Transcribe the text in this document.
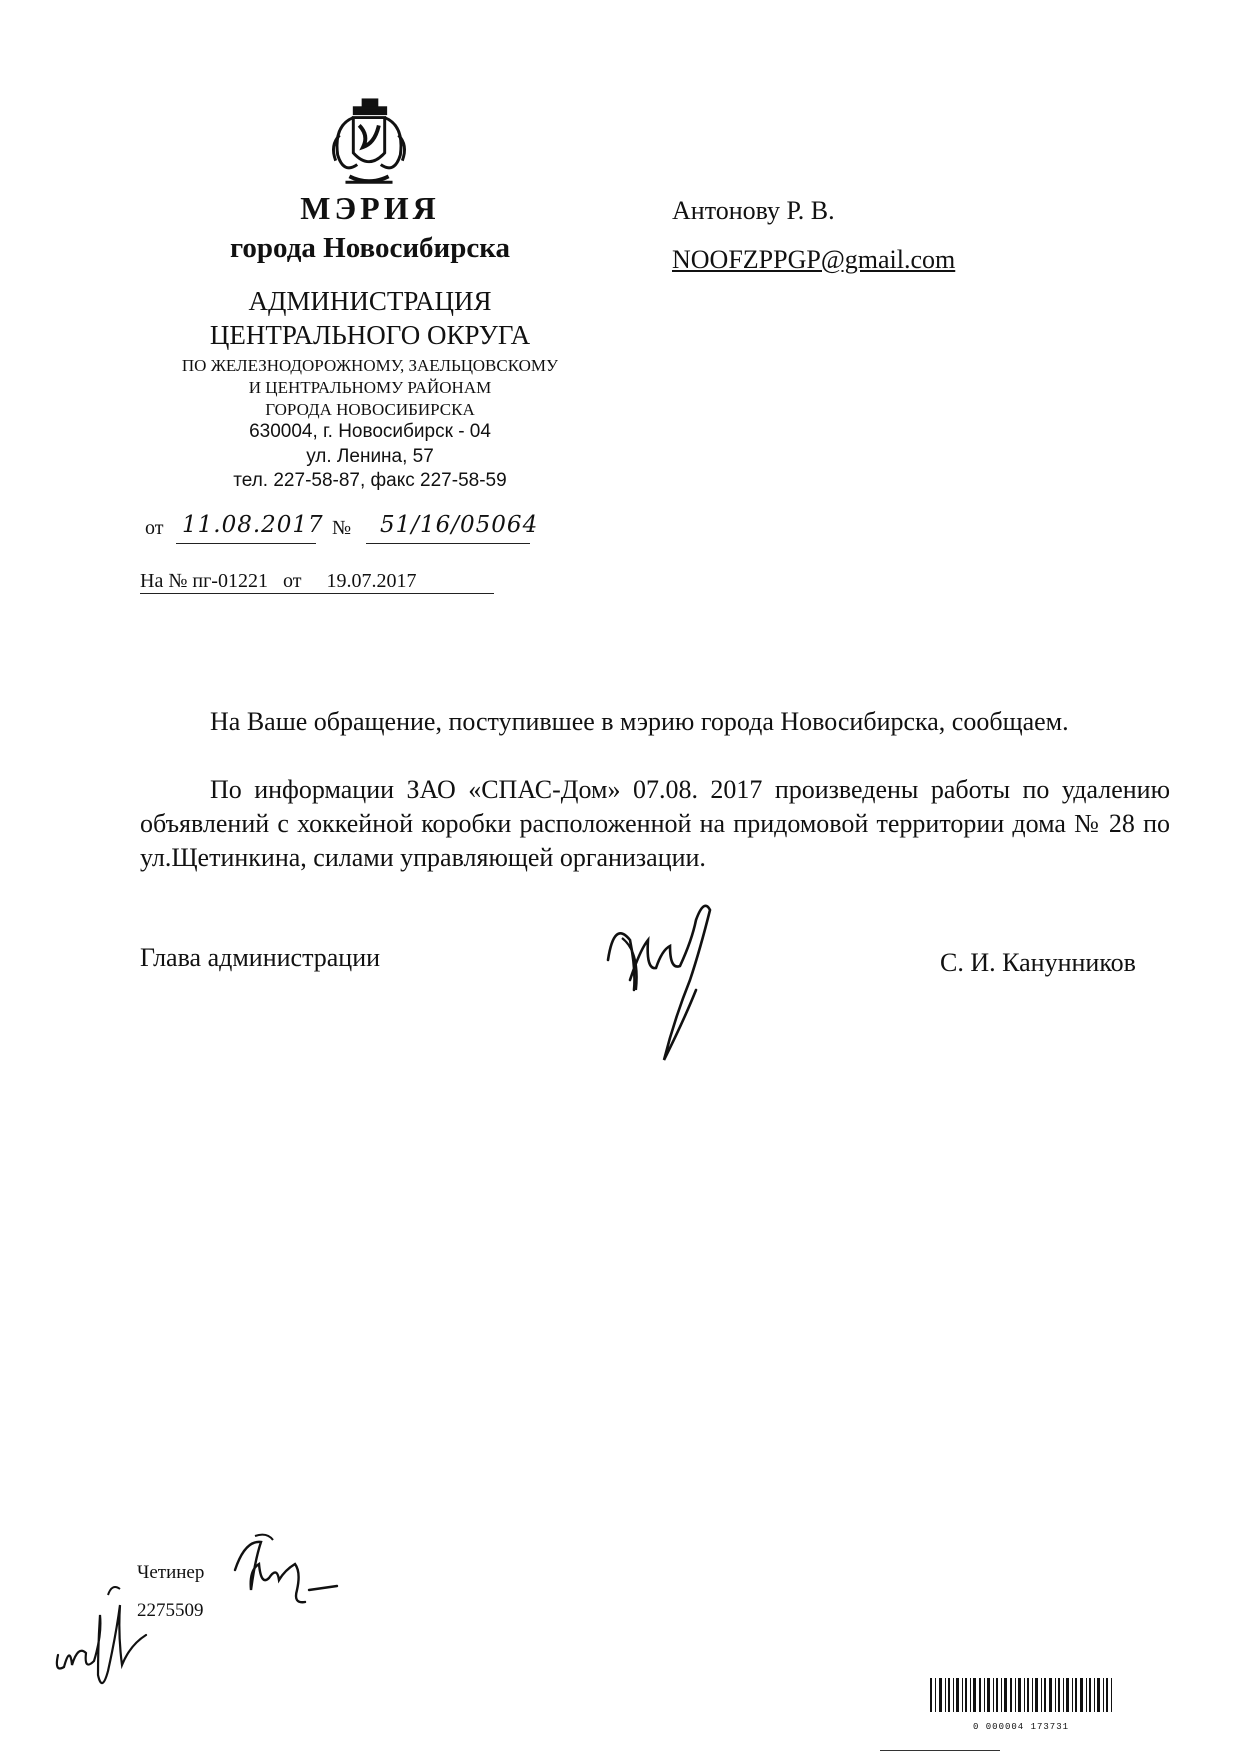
МЭРИЯ
города Новосибирска
АДМИНИСТРАЦИЯ
ЦЕНТРАЛЬНОГО ОКРУГА
ПО ЖЕЛЕЗНОДОРОЖНОМУ, ЗАЕЛЬЦОВСКОМУ
И ЦЕНТРАЛЬНОМУ РАЙОНАМ
ГОРОДА НОВОСИБИРСКА
630004, г. Новосибирск - 04
ул. Ленина, 57
тел. 227-58-87, факс 227-58-59
от 11.08.2017 № 51/16/05064
На № пг-01221   от     19.07.2017
Антонову Р. В.
NOOFZPPGP@gmail.com
На Ваше обращение, поступившее в мэрию города Новосибирска, сообщаем.
По информации ЗАО «СПАС-Дом» 07.08. 2017 произведены работы по удалению объявлений с хоккейной коробки расположенной на придомовой территории дома № 28 по ул.Щетинкина, силами управляющей организации.
Глава администрации	С. И. Канунников
Четинер
2275509
0 000004 173731
